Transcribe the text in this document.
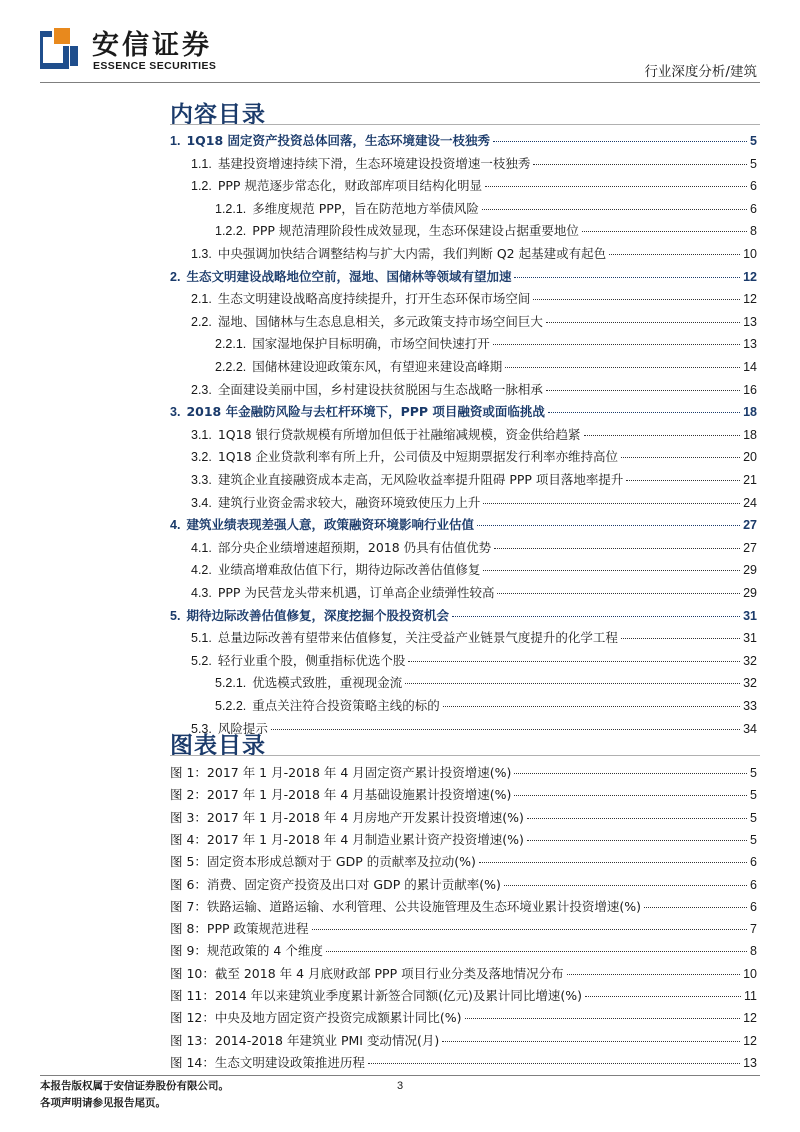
安信证券
ESSENCE SECURITIES	行业深度分析/建筑
内容目录
1. 1Q18 固定资产投资总体回落，生态环境建设一枝独秀	5
1.1. 基建投资增速持续下滑，生态环境建设投资增速一枝独秀	5
1.2. PPP 规范逐步常态化，财政部库项目结构化明显	6
1.2.1. 多维度规范 PPP，旨在防范地方举债风险	6
1.2.2. PPP 规范清理阶段性成效显现，生态环保建设占据重要地位	8
1.3. 中央强调加快结合调整结构与扩大内需，我们判断 Q2 起基建或有起色	10
2. 生态文明建设战略地位空前，湿地、国储林等领域有望加速	12
2.1. 生态文明建设战略高度持续提升，打开生态环保市场空间	12
2.2. 湿地、国储林与生态息息相关，多元政策支持市场空间巨大	13
2.2.1. 国家湿地保护目标明确，市场空间快速打开	13
2.2.2. 国储林建设迎政策东风，有望迎来建设高峰期	14
2.3. 全面建设美丽中国，乡村建设扶贫脱困与生态战略一脉相承	16
3. 2018 年金融防风险与去杠杆环境下，PPP 项目融资或面临挑战	18
3.1. 1Q18 银行贷款规模有所增加但低于社融缩减规模，资金供给趋紧	18
3.2. 1Q18 企业贷款利率有所上升，公司债及中短期票据发行利率亦维持高位	20
3.3. 建筑企业直接融资成本走高，无风险收益率提升阻碍 PPP 项目落地率提升	21
3.4. 建筑行业资金需求较大，融资环境致使压力上升	24
4. 建筑业绩表现差强人意，政策融资环境影响行业估值	27
4.1. 部分央企业绩增速超预期，2018 仍具有估值优势	27
4.2. 业绩高增难敌估值下行，期待边际改善估值修复	29
4.3. PPP 为民营龙头带来机遇，订单高企业绩弹性较高	29
5. 期待边际改善估值修复，深度挖掘个股投资机会	31
5.1. 总量边际改善有望带来估值修复，关注受益产业链景气度提升的化学工程	31
5.2. 轻行业重个股，侧重指标优选个股	32
5.2.1. 优选模式致胜，重视现金流	32
5.2.2. 重点关注符合投资策略主线的标的	33
5.3. 风险提示	34
图表目录
图 1：2017 年 1 月-2018 年 4 月固定资产累计投资增速(%)	5
图 2：2017 年 1 月-2018 年 4 月基础设施累计投资增速(%)	5
图 3：2017 年 1 月-2018 年 4 月房地产开发累计投资增速(%)	5
图 4：2017 年 1 月-2018 年 4 月制造业累计资产投资增速(%)	5
图 5：固定资本形成总额对于 GDP 的贡献率及拉动(%)	6
图 6：消费、固定资产投资及出口对 GDP 的累计贡献率(%)	6
图 7：铁路运输、道路运输、水利管理、公共设施管理及生态环境业累计投资增速(%)	6
图 8：PPP 政策规范进程	7
图 9：规范政策的 4 个维度	8
图 10：截至 2018 年 4 月底财政部 PPP 项目行业分类及落地情况分布	10
图 11：2014 年以来建筑业季度累计新签合同额(亿元)及累计同比增速(%)	11
图 12：中央及地方固定资产投资完成额累计同比(%)	12
图 13：2014-2018 年建筑业 PMI 变动情况(月)	12
图 14：生态文明建设政策推进历程	13
本报告版权属于安信证券股份有限公司。
各项声明请参见报告尾页。
3
